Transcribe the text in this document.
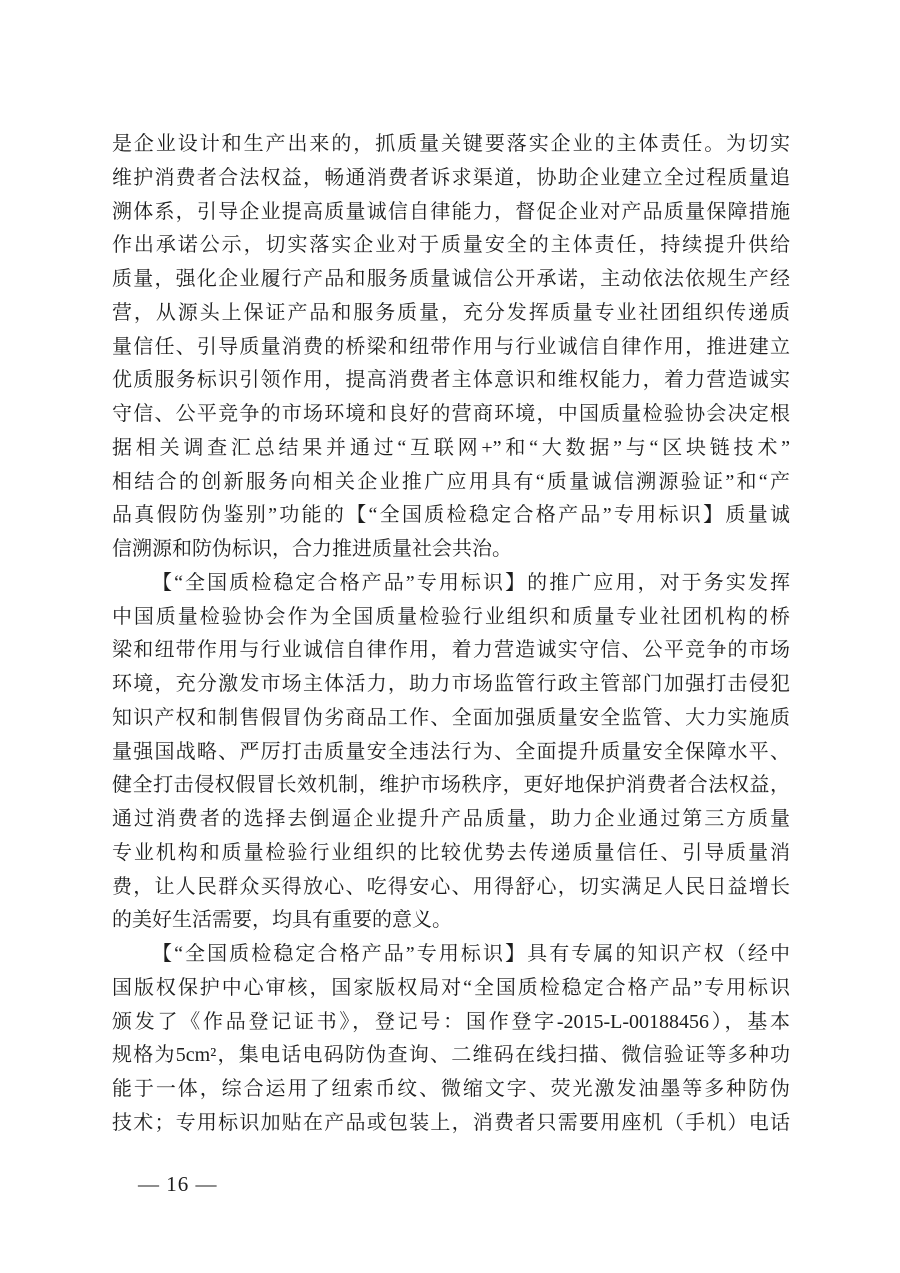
是企业设计和生产出来的，抓质量关键要落实企业的主体责任。为切实
维护消费者合法权益，畅通消费者诉求渠道，协助企业建立全过程质量追
溯体系，引导企业提高质量诚信自律能力，督促企业对产品质量保障措施
作出承诺公示，切实落实企业对于质量安全的主体责任，持续提升供给
质量，强化企业履行产品和服务质量诚信公开承诺，主动依法依规生产经
营，从源头上保证产品和服务质量，充分发挥质量专业社团组织传递质
量信任、引导质量消费的桥梁和纽带作用与行业诚信自律作用，推进建立
优质服务标识引领作用，提高消费者主体意识和维权能力，着力营造诚实
守信、公平竞争的市场环境和良好的营商环境，中国质量检验协会决定根
据相关调查汇总结果并通过“互联网+”和“大数据”与“区块链技术”
相结合的创新服务向相关企业推广应用具有“质量诚信溯源验证”和“产
品真假防伪鉴别”功能的【“全国质检稳定合格产品”专用标识】质量诚
信溯源和防伪标识，合力推进质量社会共治。
【“全国质检稳定合格产品”专用标识】的推广应用，对于务实发挥
中国质量检验协会作为全国质量检验行业组织和质量专业社团机构的桥
梁和纽带作用与行业诚信自律作用，着力营造诚实守信、公平竞争的市场
环境，充分激发市场主体活力，助力市场监管行政主管部门加强打击侵犯
知识产权和制售假冒伪劣商品工作、全面加强质量安全监管、大力实施质
量强国战略、严厉打击质量安全违法行为、全面提升质量安全保障水平、
健全打击侵权假冒长效机制，维护市场秩序，更好地保护消费者合法权益，
通过消费者的选择去倒逼企业提升产品质量，助力企业通过第三方质量
专业机构和质量检验行业组织的比较优势去传递质量信任、引导质量消
费，让人民群众买得放心、吃得安心、用得舒心，切实满足人民日益增长
的美好生活需要，均具有重要的意义。
【“全国质检稳定合格产品”专用标识】具有专属的知识产权（经中
国版权保护中心审核，国家版权局对“全国质检稳定合格产品”专用标识
颁发了《作品登记证书》，登记号：国作登字-2015-L-00188456），基本
规格为5cm²，集电话电码防伪查询、二维码在线扫描、微信验证等多种功
能于一体，综合运用了纽索币纹、微缩文字、荧光激发油墨等多种防伪
技术；专用标识加贴在产品或包装上，消费者只需要用座机（手机）电话
— 16 —
